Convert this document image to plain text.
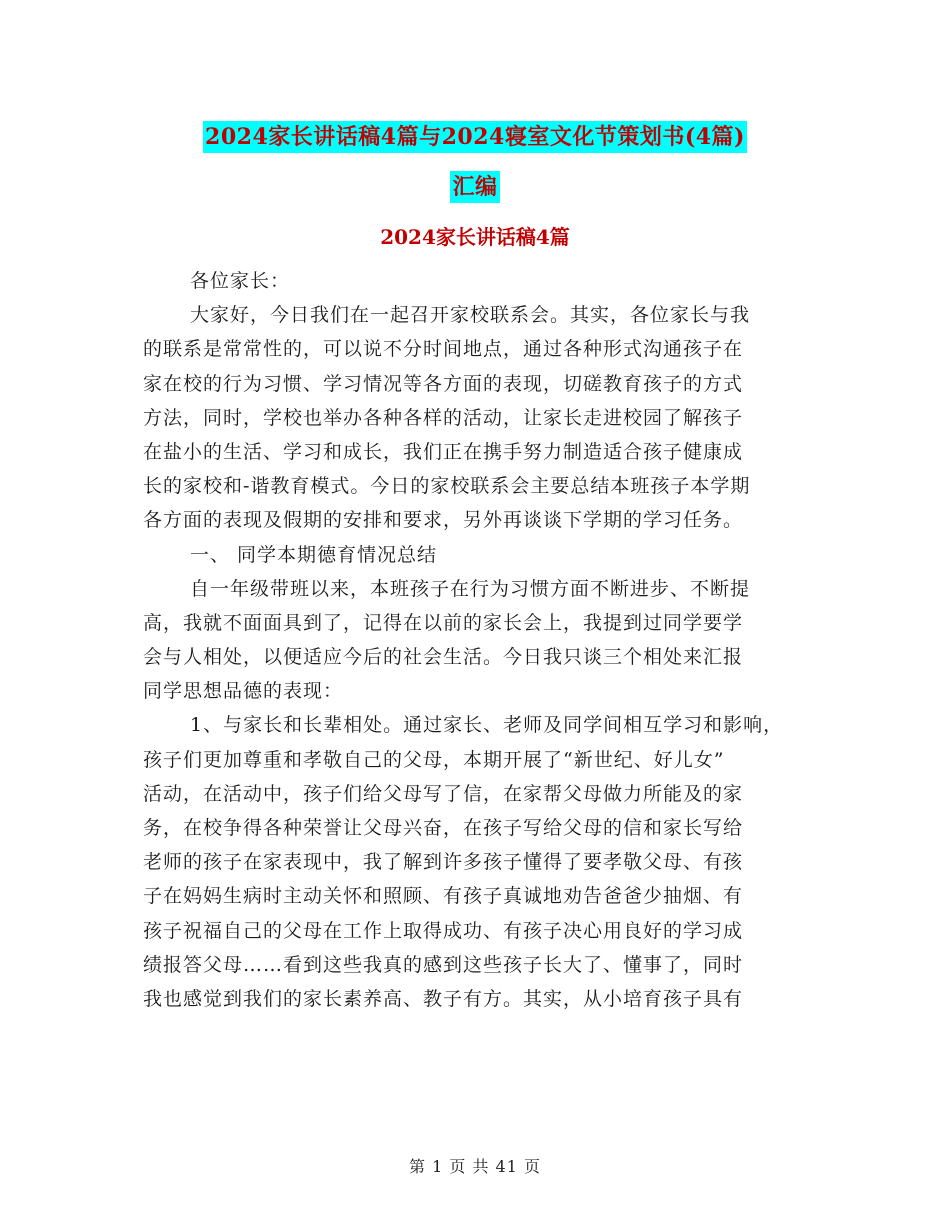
2024家长讲话稿4篇与2024寝室文化节策划书(4篇)
汇编
2024家长讲话稿4篇
各位家长：
大家好，今日我们在一起召开家校联系会。其实，各位家长与我
的联系是常常性的，可以说不分时间地点，通过各种形式沟通孩子在
家在校的行为习惯、学习情况等各方面的表现，切磋教育孩子的方式
方法，同时，学校也举办各种各样的活动，让家长走进校园了解孩子
在盐小的生活、学习和成长，我们正在携手努力制造适合孩子健康成
长的家校和-谐教育模式。今日的家校联系会主要总结本班孩子本学期
各方面的表现及假期的安排和要求，另外再谈谈下学期的学习任务。
一、 同学本期德育情况总结
自一年级带班以来，本班孩子在行为习惯方面不断进步、不断提
高，我就不面面具到了，记得在以前的家长会上，我提到过同学要学
会与人相处，以便适应今后的社会生活。今日我只谈三个相处来汇报
同学思想品德的表现：
1、与家长和长辈相处。通过家长、老师及同学间相互学习和影响，
孩子们更加尊重和孝敬自己的父母，本期开展了“新世纪、好儿女”
活动，在活动中，孩子们给父母写了信，在家帮父母做力所能及的家
务，在校争得各种荣誉让父母兴奋，在孩子写给父母的信和家长写给
老师的孩子在家表现中，我了解到许多孩子懂得了要孝敬父母、有孩
子在妈妈生病时主动关怀和照顾、有孩子真诚地劝告爸爸少抽烟、有
孩子祝福自己的父母在工作上取得成功、有孩子决心用良好的学习成
绩报答父母……看到这些我真的感到这些孩子长大了、懂事了，同时
我也感觉到我们的家长素养高、教子有方。其实，从小培育孩子具有
第 1 页 共 41 页
